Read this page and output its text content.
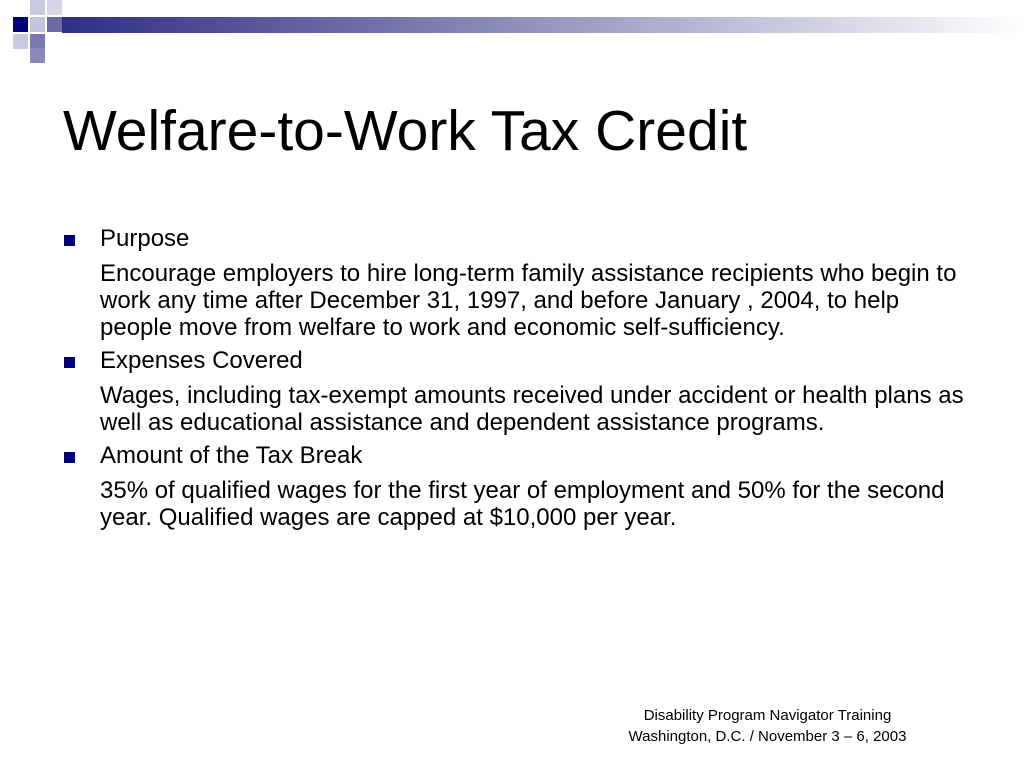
Welfare-to-Work Tax Credit

Purpose

Encourage employers to hire long-term family assistance recipients who begin to work any time after December 31, 1997, and before January , 2004, to help people move from welfare to work and economic self-sufficiency.

Expenses Covered

Wages, including tax-exempt amounts received under accident or health plans as well as educational assistance and dependent assistance programs.

Amount of the Tax Break

35% of qualified wages for the first year of employment and 50% for the second year. Qualified wages are capped at $10,000 per year.

Disability Program Navigator Training
Washington, D.C. / November 3 – 6, 2003
